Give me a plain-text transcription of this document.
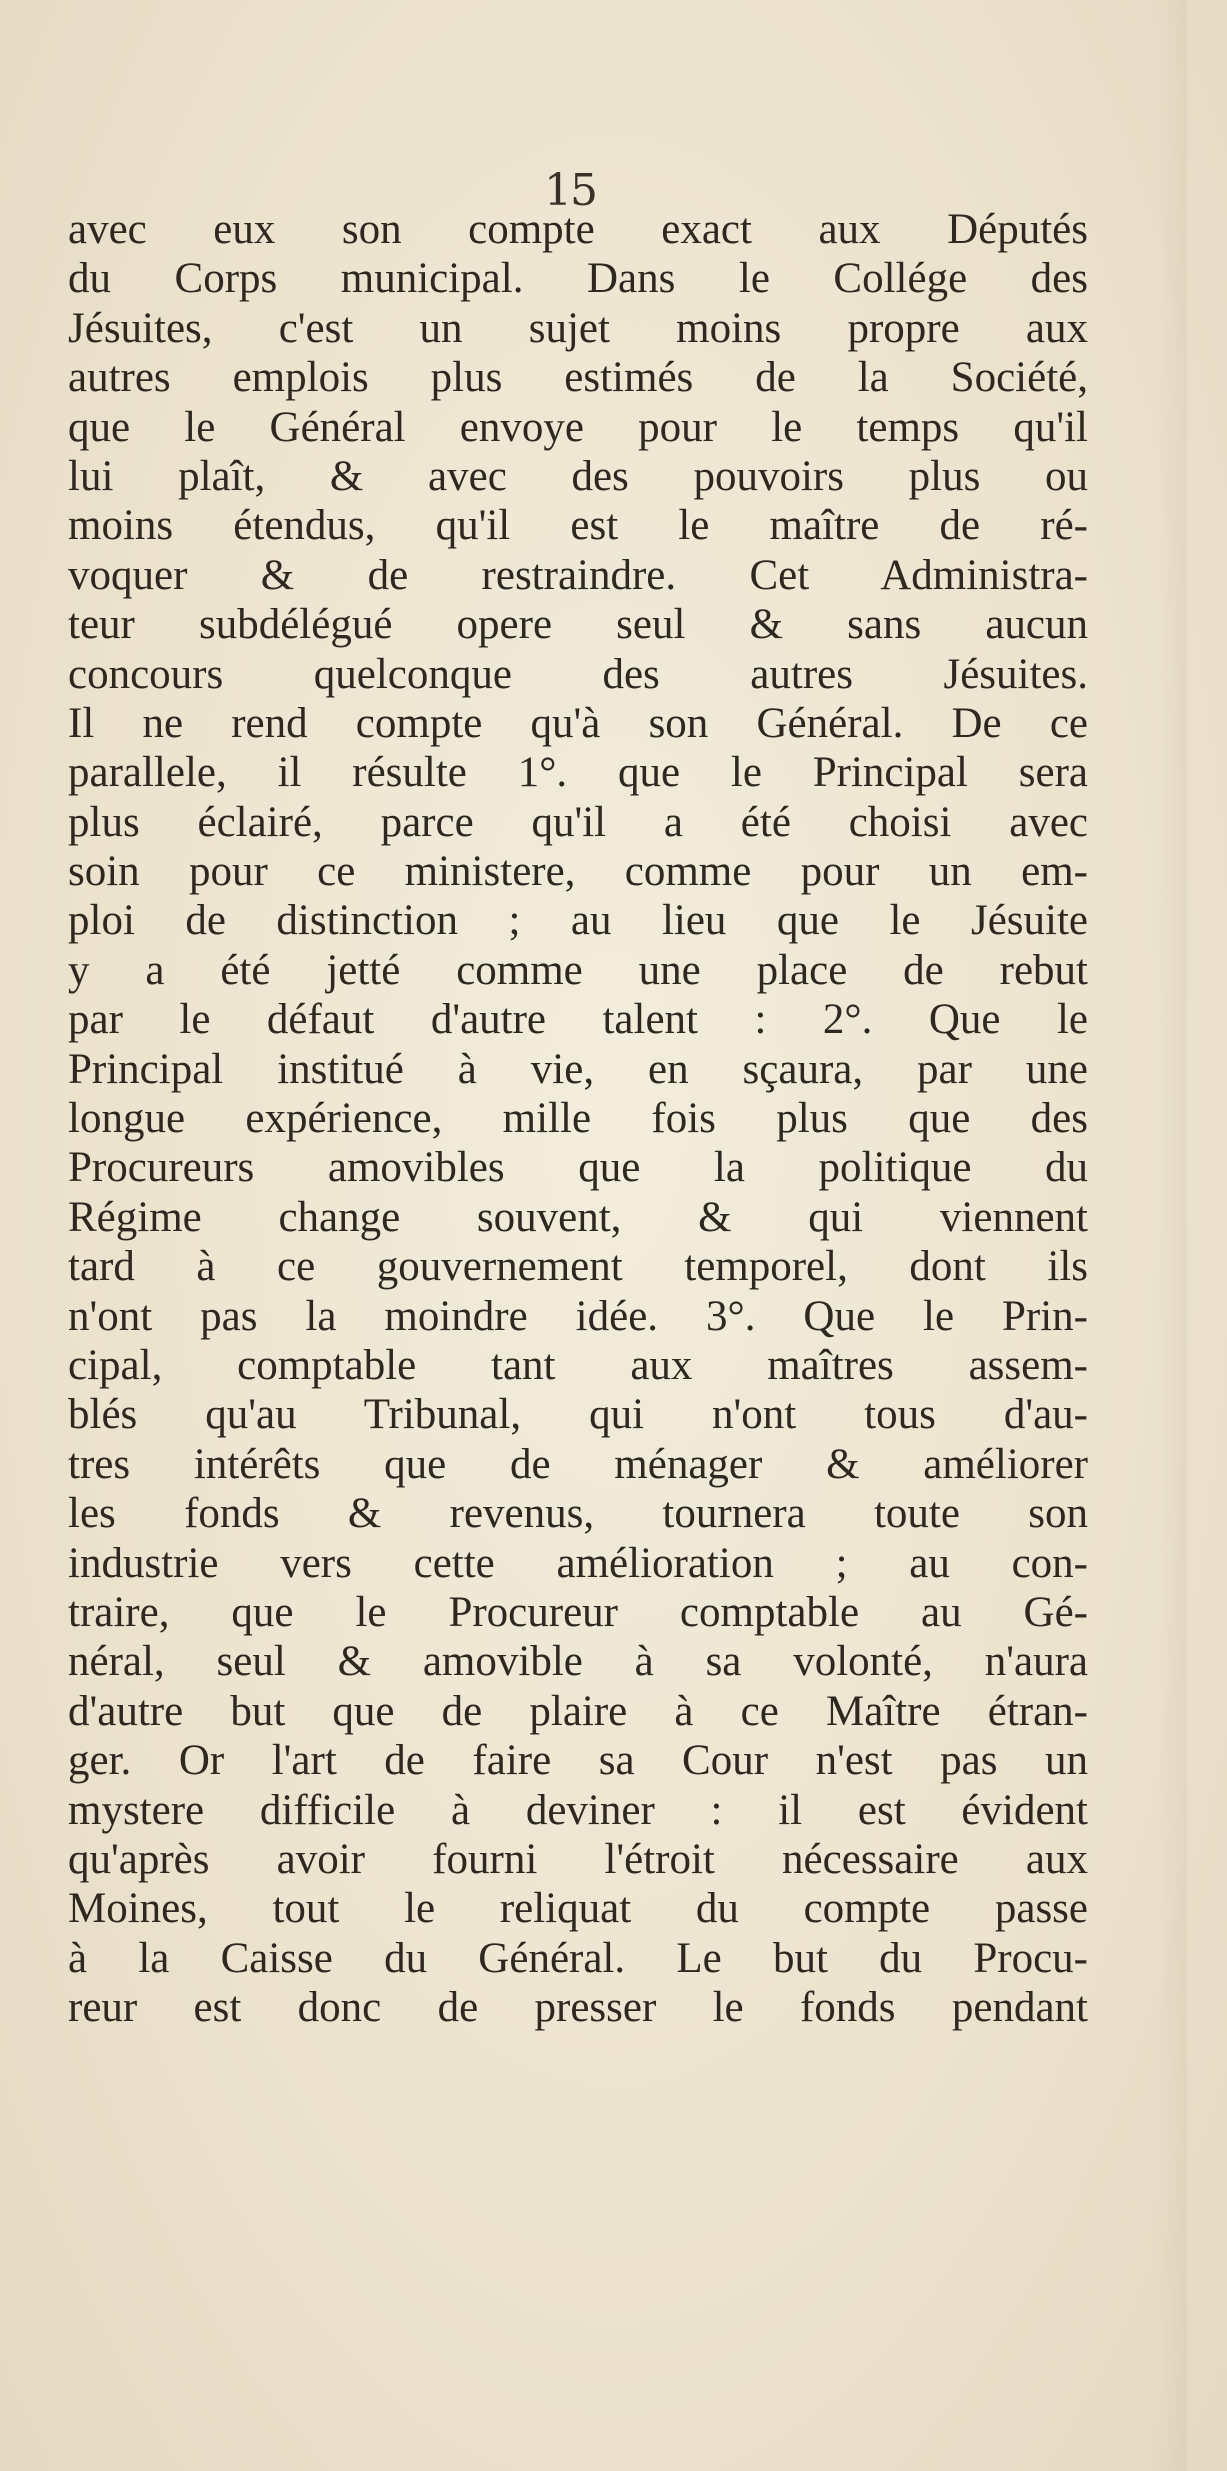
15
avec eux son compte exact aux Députés
du Corps municipal. Dans le Collége des
Jésuites, c'est un sujet moins propre aux
autres emplois plus estimés de la Société,
que le Général envoye pour le temps qu'il
lui plaît, & avec des pouvoirs plus ou
moins étendus, qu'il est le maître de ré-
voquer & de restraindre. Cet Administra-
teur subdélégué opere seul & sans aucun
concours quelconque des autres Jésuites.
Il ne rend compte qu'à son Général. De ce
parallele, il résulte 1°. que le Principal sera
plus éclairé, parce qu'il a été choisi avec
soin pour ce ministere, comme pour un em-
ploi de distinction ; au lieu que le Jésuite
y a été jetté comme une place de rebut
par le défaut d'autre talent : 2°. Que le
Principal institué à vie, en sçaura, par une
longue expérience, mille fois plus que des
Procureurs amovibles que la politique du
Régime change souvent, & qui viennent
tard à ce gouvernement temporel, dont ils
n'ont pas la moindre idée. 3°. Que le Prin-
cipal, comptable tant aux maîtres assem-
blés qu'au Tribunal, qui n'ont tous d'au-
tres intérêts que de ménager & améliorer
les fonds & revenus, tournera toute son
industrie vers cette amélioration ; au con-
traire, que le Procureur comptable au Gé-
néral, seul & amovible à sa volonté, n'aura
d'autre but que de plaire à ce Maître étran-
ger. Or l'art de faire sa Cour n'est pas un
mystere difficile à deviner : il est évident
qu'après avoir fourni l'étroit nécessaire aux
Moines, tout le reliquat du compte passe
à la Caisse du Général. Le but du Procu-
reur est donc de presser le fonds pendant
